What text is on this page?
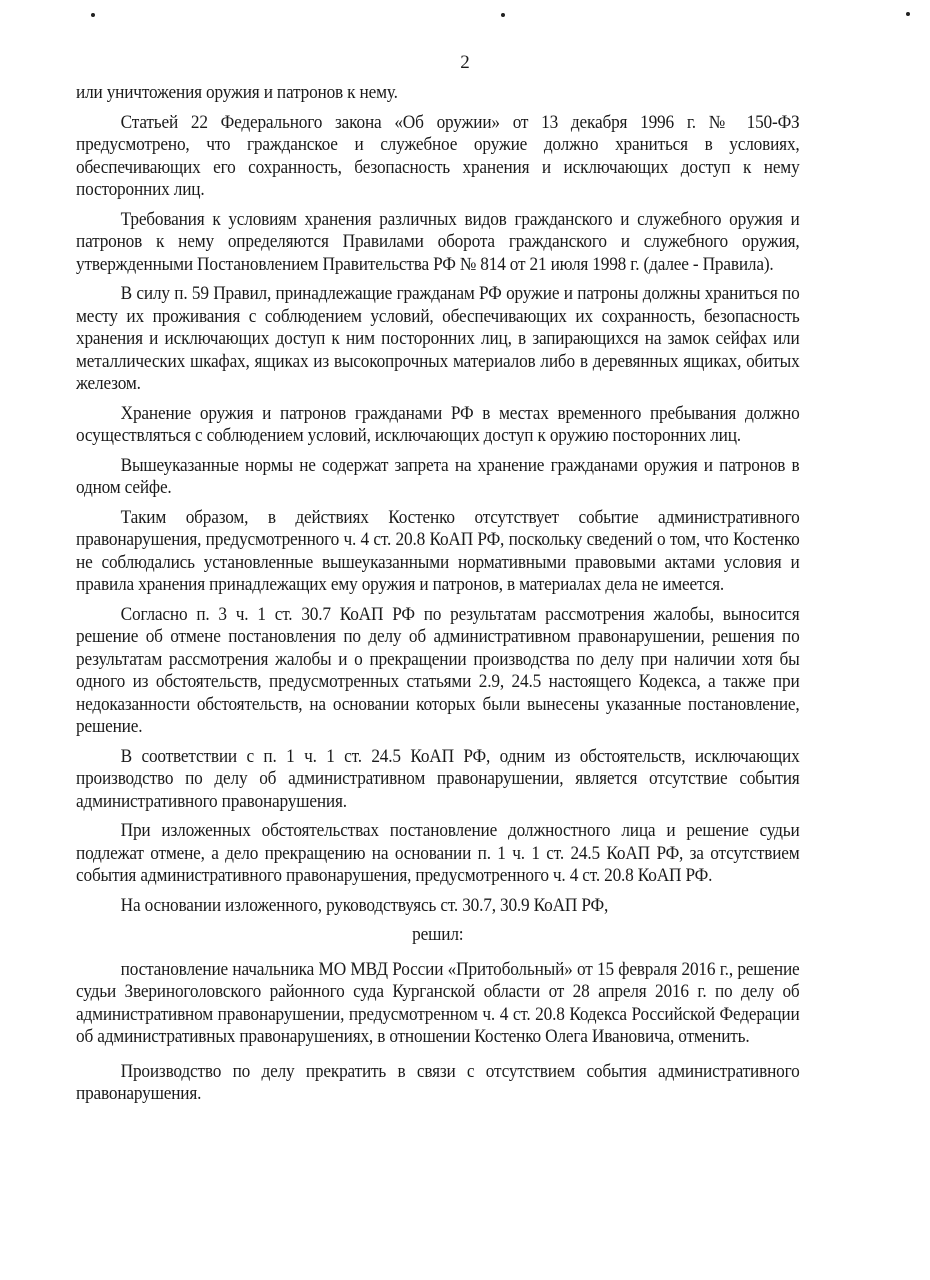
2

или уничтожения оружия и патронов к нему.

Статьей 22 Федерального закона «Об оружии» от 13 декабря 1996 г. № 150-ФЗ предусмотрено, что гражданское и служебное оружие должно храниться в условиях, обеспечивающих его сохранность, безопасность хранения и исключающих доступ к нему посторонних лиц.

Требования к условиям хранения различных видов гражданского и служебного оружия и патронов к нему определяются Правилами оборота гражданского и служебного оружия, утвержденными Постановлением Правительства РФ № 814 от 21 июля 1998 г. (далее - Правила).

В силу п. 59 Правил, принадлежащие гражданам РФ оружие и патроны должны храниться по месту их проживания с соблюдением условий, обеспечивающих их сохранность, безопасность хранения и исключающих доступ к ним посторонних лиц, в запирающихся на замок сейфах или металлических шкафах, ящиках из высокопрочных материалов либо в деревянных ящиках, обитых железом.

Хранение оружия и патронов гражданами РФ в местах временного пребывания должно осуществляться с соблюдением условий, исключающих доступ к оружию посторонних лиц.

Вышеуказанные нормы не содержат запрета на хранение гражданами оружия и патронов в одном сейфе.

Таким образом, в действиях Костенко отсутствует событие административного правонарушения, предусмотренного ч. 4 ст. 20.8 КоАП РФ, поскольку сведений о том, что Костенко не соблюдались установленные вышеуказанными нормативными правовыми актами условия и правила хранения принадлежащих ему оружия и патронов, в материалах дела не имеется.

Согласно п. 3 ч. 1 ст. 30.7 КоАП РФ по результатам рассмотрения жалобы, выносится решение об отмене постановления по делу об административном правонарушении, решения по результатам рассмотрения жалобы и о прекращении производства по делу при наличии хотя бы одного из обстоятельств, предусмотренных статьями 2.9, 24.5 настоящего Кодекса, а также при недоказанности обстоятельств, на основании которых были вынесены указанные постановление, решение.

В соответствии с п. 1 ч. 1 ст. 24.5 КоАП РФ, одним из обстоятельств, исключающих производство по делу об административном правонарушении, является отсутствие события административного правонарушения.

При изложенных обстоятельствах постановление должностного лица и решение судьи подлежат отмене, а дело прекращению на основании п. 1 ч. 1 ст. 24.5 КоАП РФ, за отсутствием события административного правонарушения, предусмотренного ч. 4 ст. 20.8 КоАП РФ.

На основании изложенного, руководствуясь ст. 30.7, 30.9 КоАП РФ,

решил:

постановление начальника МО МВД России «Притобольный» от 15 февраля 2016 г., решение судьи Звериноголовского районного суда Курганской области от 28 апреля 2016 г. по делу об административном правонарушении, предусмотренном ч. 4 ст. 20.8 Кодекса Российской Федерации об административных правонарушениях, в отношении Костенко Олега Ивановича, отменить.

Производство по делу прекратить в связи с отсутствием события административного правонарушения.
